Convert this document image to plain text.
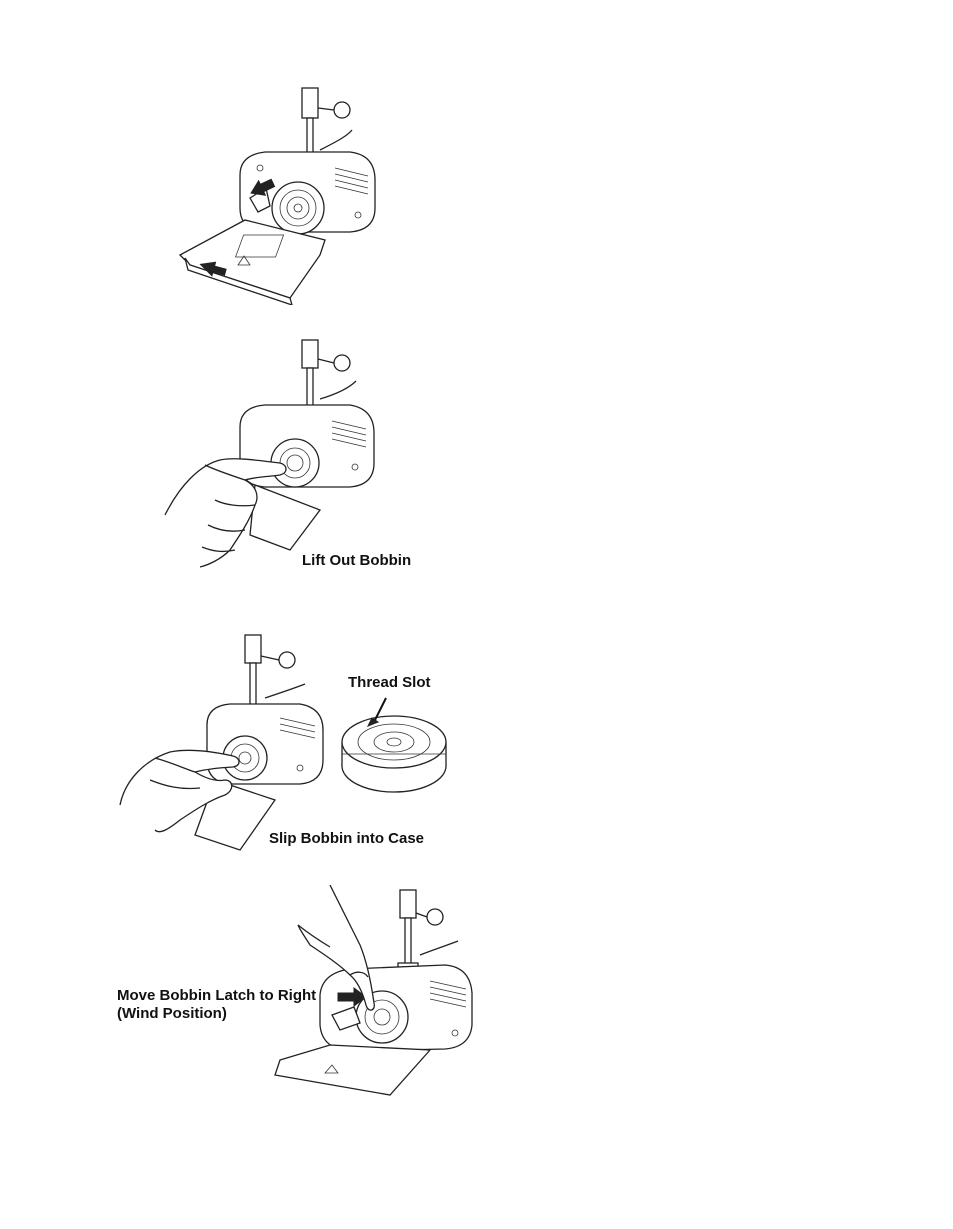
Lift Out Bobbin
Thread Slot
Slip Bobbin into Case
Move Bobbin Latch to Right
(Wind Position)
